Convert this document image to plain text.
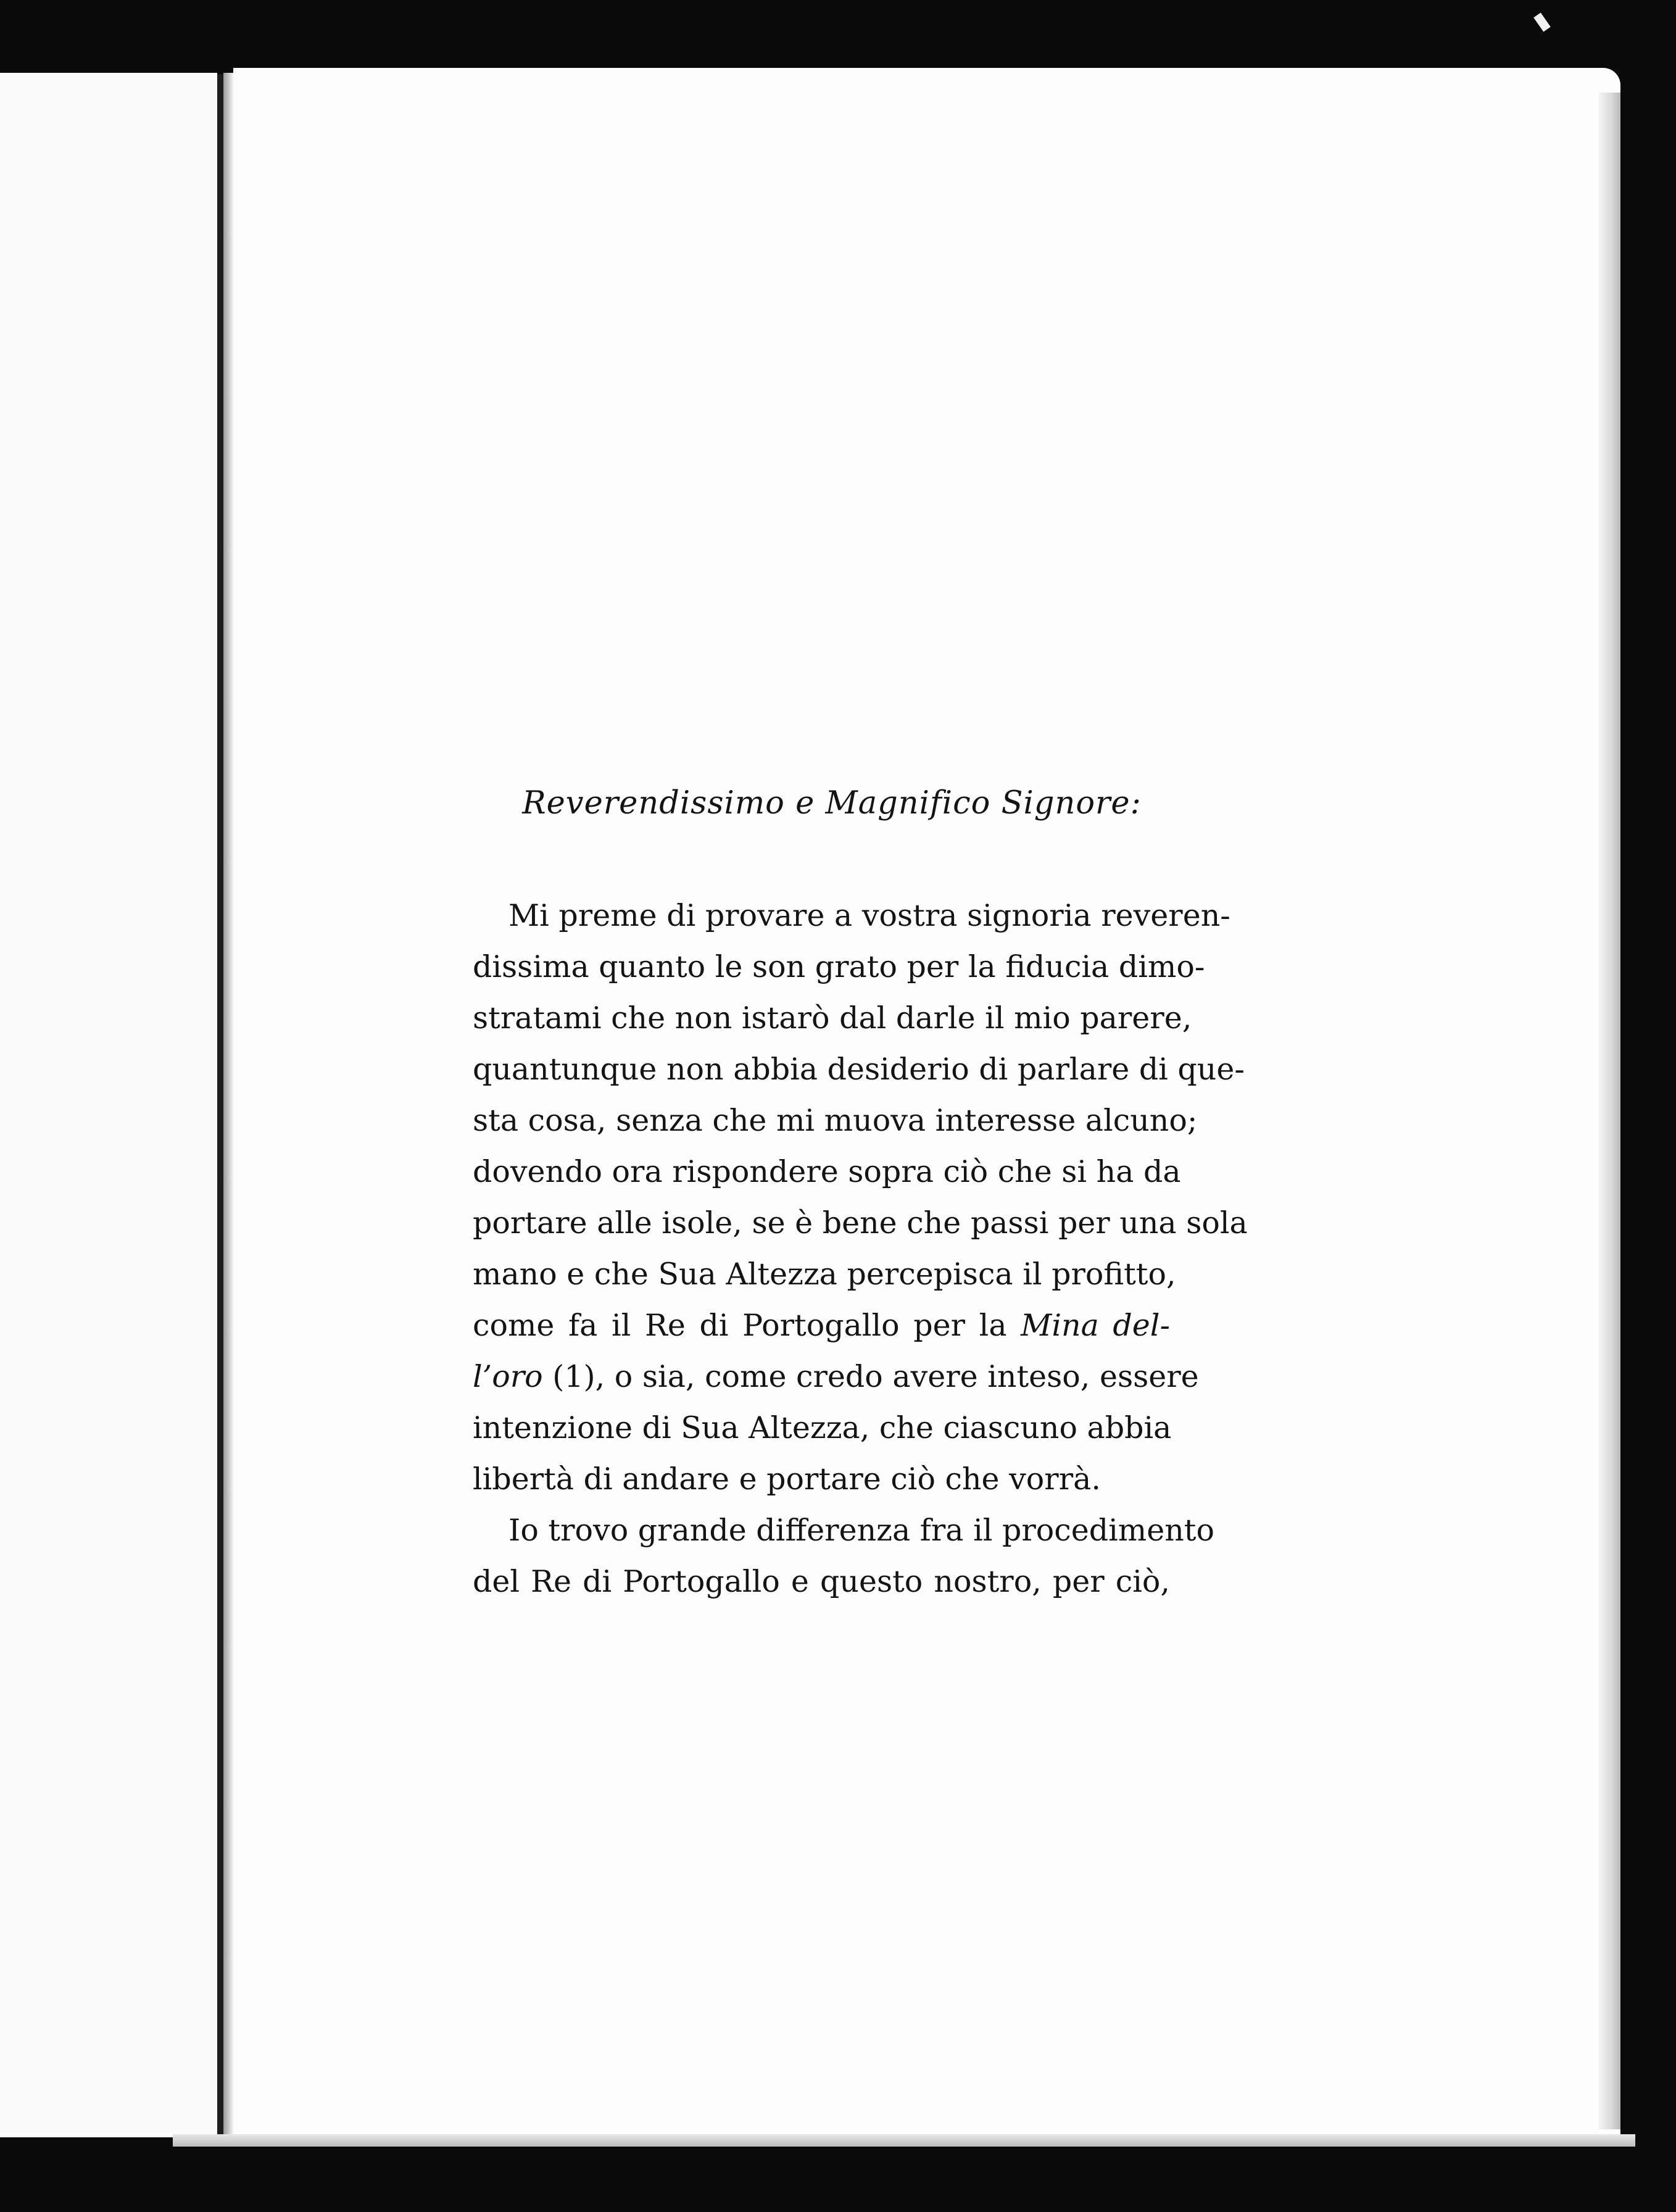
Reverendissimo e Magnifico Signore:
Mi preme di provare a vostra signoria reveren-
dissima quanto le son grato per la fiducia dimo-
stratami che non istarò dal darle il mio parere,
quantunque non abbia desiderio di parlare di que-
sta cosa, senza che mi muova interesse alcuno;
dovendo ora rispondere sopra ciò che si ha da
portare alle isole, se è bene che passi per una sola
mano e che Sua Altezza percepisca il profitto,
come fa il Re di Portogallo per la Mina del-
l’oro (1), o sia, come credo avere inteso, essere
intenzione di Sua Altezza, che ciascuno abbia
libertà di andare e portare ciò che vorrà.
Io trovo grande differenza fra il procedimento
del Re di Portogallo e questo nostro, per ciò,
